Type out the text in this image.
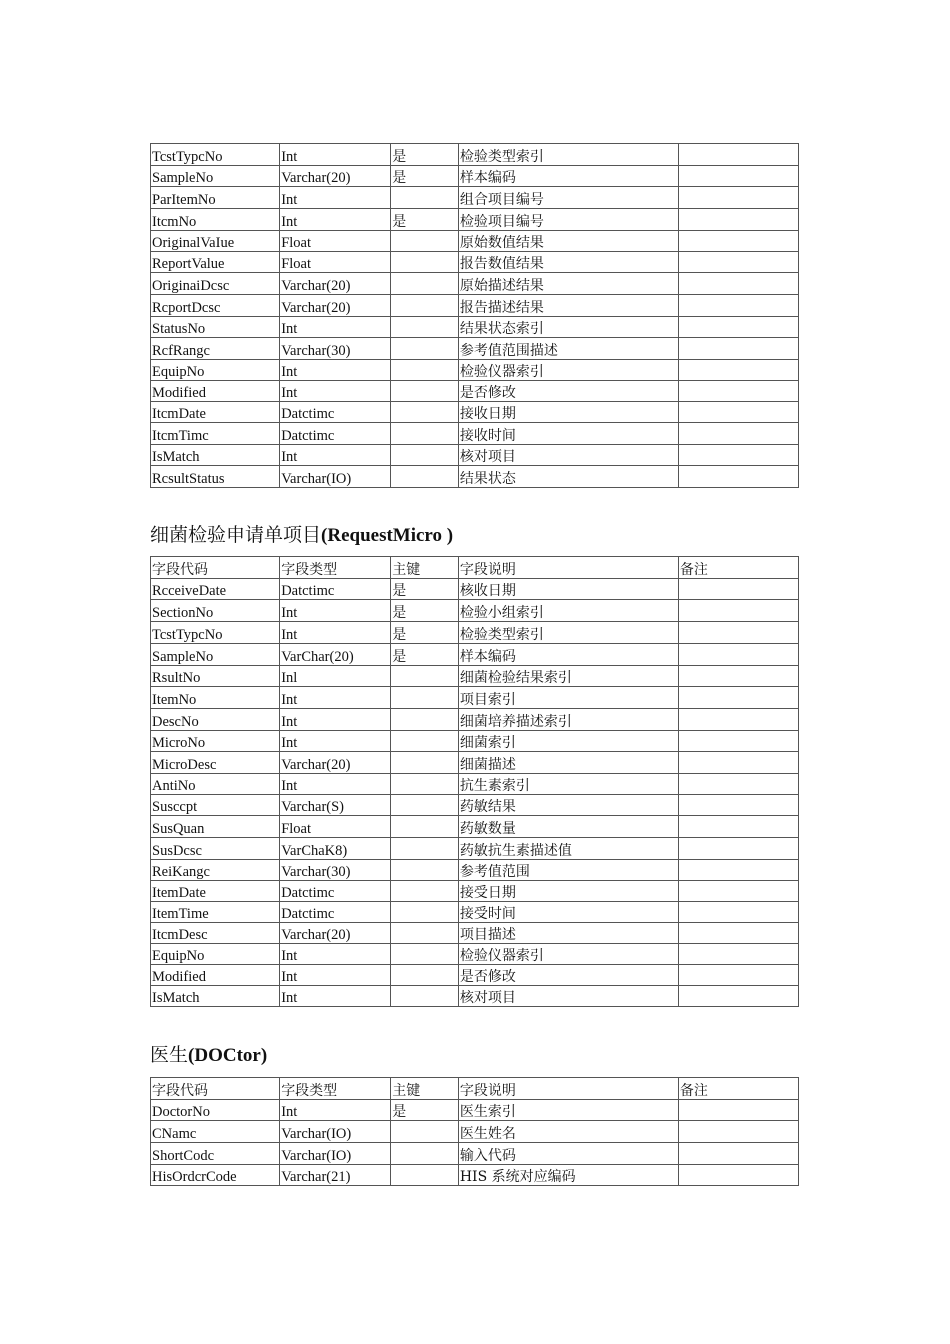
TcstTypcNo	Int	是	检验类型索引	
SampleNo	Varchar(20)	是	样本编码	
ParItemNo	Int		组合项目编号	
ItcmNo	Int	是	检验项目编号	
OriginalVaIue	Float		原始数值结果	
ReportValue	Float		报告数值结果	
OriginaiDcsc	Varchar(20)		原始描述结果	
RcportDcsc	Varchar(20)		报告描述结果	
StatusNo	Int		结果状态索引	
RcfRangc	Varchar(30)		参考值范围描述	
EquipNo	Int		检验仪器索引	
Modified	Int		是否修改	
ItcmDate	Datctimc		接收日期	
ItcmTimc	Datctimc		接收时间	
IsMatch	Int		核对项目	
RcsultStatus	Varchar(IO)		结果状态	
细菌检验申请单项目(RequestMicro )
字段代码	字段类型	主键	字段说明	备注
RcceiveDate	Datctimc	是	核收日期	
SectionNo	Int	是	检验小组索引	
TcstTypcNo	Int	是	检验类型索引	
SampleNo	VarChar(20)	是	样本编码	
RsultNo	Inl		细菌检验结果索引	
ItemNo	Int		项目索引	
DescNo	Int		细菌培养描述索引	
MicroNo	Int		细菌索引	
MicroDesc	Varchar(20)		细菌描述	
AntiNo	Int		抗生素索引	
Susccpt	Varchar(S)		药敏结果	
SusQuan	Float		药敏数量	
SusDcsc	VarChaK8)		药敏抗生素描述值	
ReiKangc	Varchar(30)		参考值范围	
ItemDate	Datctimc		接受日期	
ItemTime	Datctimc		接受时间	
ItcmDesc	Varchar(20)		项目描述	
EquipNo	Int		检验仪器索引	
Modified	Int		是否修改	
IsMatch	Int		核对项目	
医生(DOCtor)
字段代码	字段类型	主键	字段说明	备注
DoctorNo	Int	是	医生索引	
CNamc	Varchar(IO)		医生姓名	
ShortCodc	Varchar(IO)		输入代码	
HisOrdcrCode	Varchar(21)		HIS 系统对应编码	
